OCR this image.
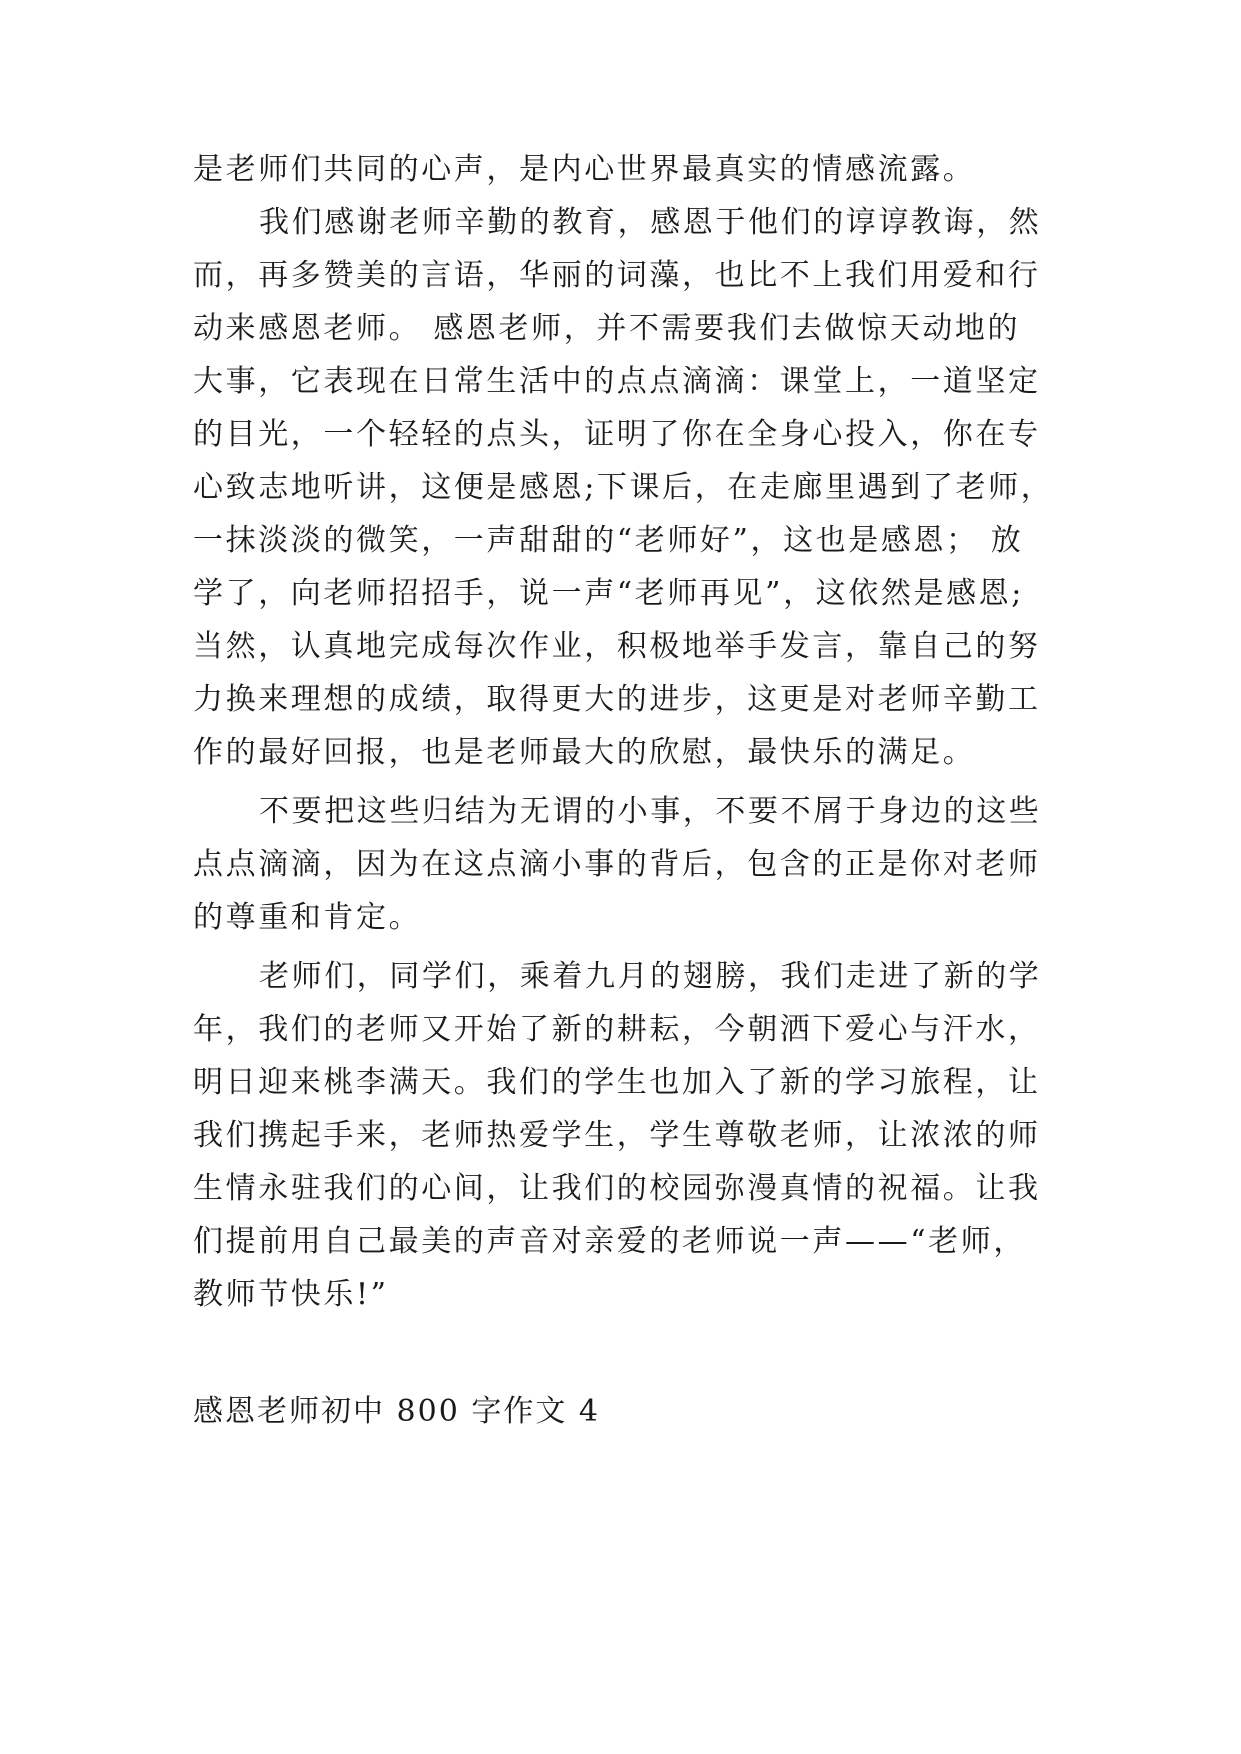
是老师们共同的心声，是内心世界最真实的情感流露。
我们感谢老师辛勤的教育，感恩于他们的谆谆教诲，然
而，再多赞美的言语，华丽的词藻，也比不上我们用爱和行
动来感恩老师。 感恩老师，并不需要我们去做惊天动地的
大事，它表现在日常生活中的点点滴滴：课堂上，一道坚定
的目光，一个轻轻的点头，证明了你在全身心投入，你在专
心致志地听讲，这便是感恩;下课后，在走廊里遇到了老师，
一抹淡淡的微笑，一声甜甜的“老师好”，这也是感恩； 放
学了，向老师招招手，说一声“老师再见”，这依然是感恩;
当然，认真地完成每次作业，积极地举手发言，靠自己的努
力换来理想的成绩，取得更大的进步，这更是对老师辛勤工
作的最好回报，也是老师最大的欣慰，最快乐的满足。
不要把这些归结为无谓的小事，不要不屑于身边的这些
点点滴滴，因为在这点滴小事的背后，包含的正是你对老师
的尊重和肯定。
老师们，同学们，乘着九月的翅膀，我们走进了新的学
年，我们的老师又开始了新的耕耘，今朝洒下爱心与汗水，
明日迎来桃李满天。我们的学生也加入了新的学习旅程，让
我们携起手来，老师热爱学生，学生尊敬老师，让浓浓的师
生情永驻我们的心间，让我们的校园弥漫真情的祝福。让我
们提前用自己最美的声音对亲爱的老师说一声——“老师，
教师节快乐!”
感恩老师初中 800 字作文 4
